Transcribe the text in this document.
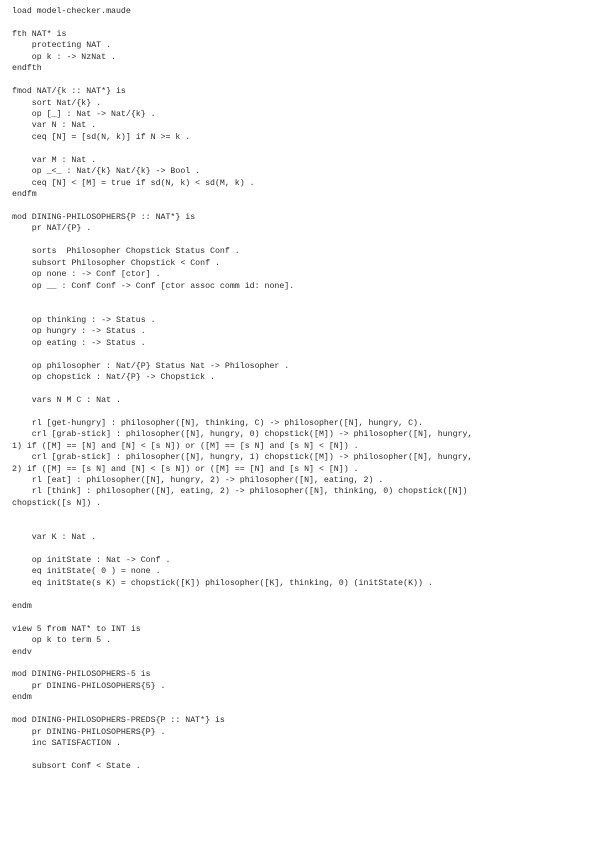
load model-checker.maude
fth NAT* is
protecting NAT .
op k : -> NzNat .
endfth
fmod NAT/{k :: NAT*} is
sort Nat/{k} .
op [_] : Nat -> Nat/{k} .
var N : Nat .
ceq [N] = [sd(N, k)] if N >= k .
var M : Nat .
op _<_ : Nat/{k} Nat/{k} -> Bool .
ceq [N] < [M] = true if sd(N, k) < sd(M, k) .
endfm
mod DINING-PHILOSOPHERS{P :: NAT*} is
pr NAT/{P} .
sorts  Philosopher Chopstick Status Conf .
subsort Philosopher Chopstick < Conf .
op none : -> Conf [ctor] .
op __ : Conf Conf -> Conf [ctor assoc comm id: none].
op thinking : -> Status .
op hungry : -> Status .
op eating : -> Status .
op philosopher : Nat/{P} Status Nat -> Philosopher .
op chopstick : Nat/{P} -> Chopstick .
vars N M C : Nat .
rl [get-hungry] : philosopher([N], thinking, C) -> philosopher([N], hungry, C).
crl [grab-stick] : philosopher([N], hungry, 0) chopstick([M]) -> philosopher([N], hungry,
1) if ([M] == [N] and [N] < [s N]) or ([M] == [s N] and [s N] < [N]) .
crl [grab-stick] : philosopher([N], hungry, 1) chopstick([M]) -> philosopher([N], hungry,
2) if ([M] == [s N] and [N] < [s N]) or ([M] == [N] and [s N] < [N]) .
rl [eat] : philosopher([N], hungry, 2) -> philosopher([N], eating, 2) .
rl [think] : philosopher([N], eating, 2) -> philosopher([N], thinking, 0) chopstick([N])
chopstick([s N]) .
var K : Nat .
op initState : Nat -> Conf .
eq initState( 0 ) = none .
eq initState(s K) = chopstick([K]) philosopher([K], thinking, 0) (initState(K)) .
endm
view 5 from NAT* to INT is
op k to term 5 .
endv
mod DINING-PHILOSOPHERS-5 is
pr DINING-PHILOSOPHERS{5} .
endm
mod DINING-PHILOSOPHERS-PREDS{P :: NAT*} is
pr DINING-PHILOSOPHERS{P} .
inc SATISFACTION .
subsort Conf < State .
